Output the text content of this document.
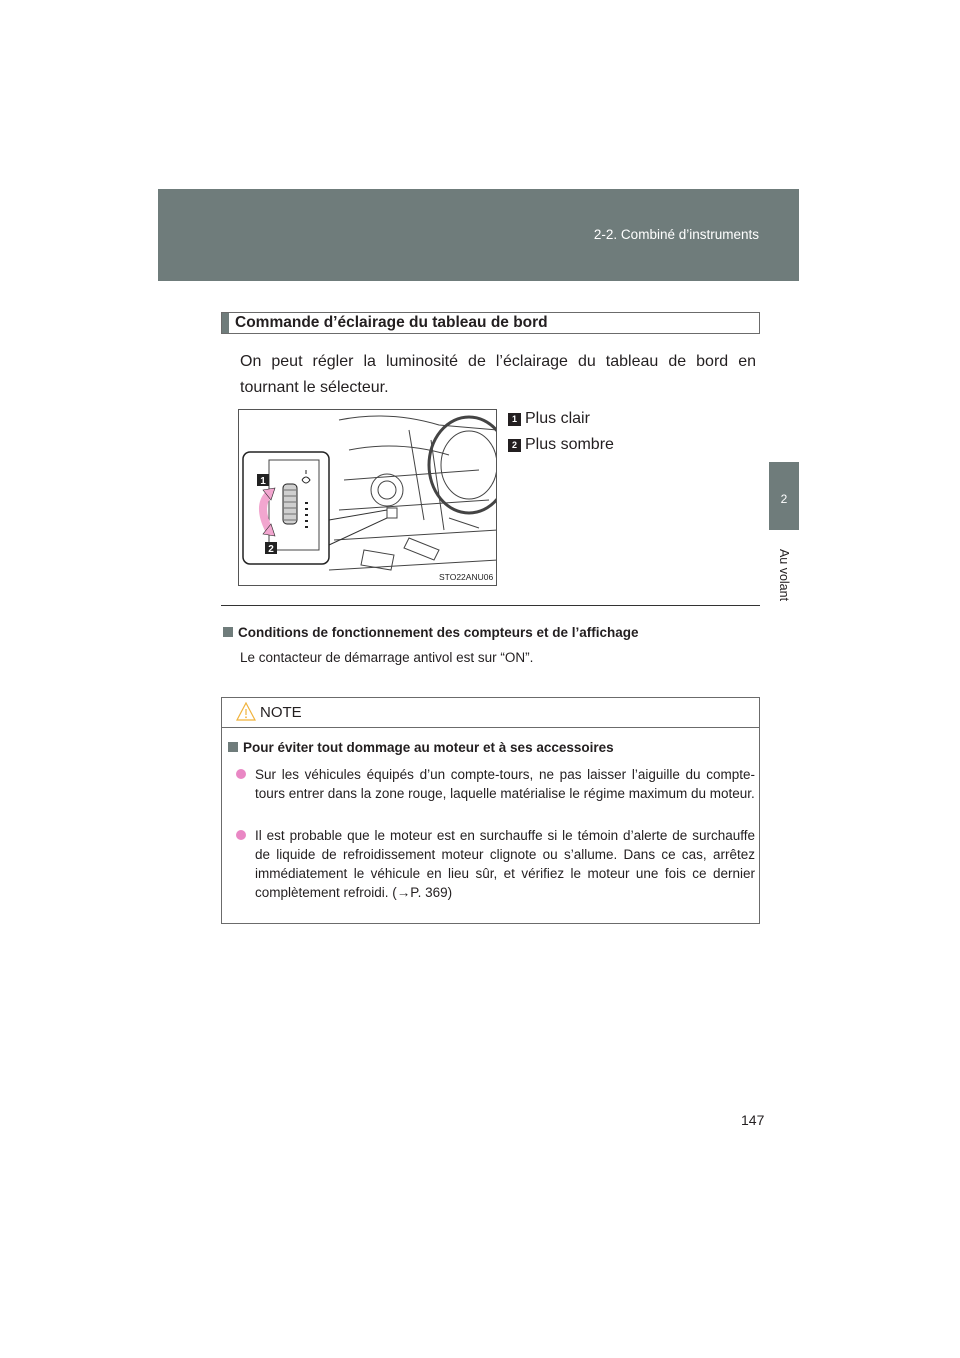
2-2. Combiné d’instruments
2
Au volant
Commande d’éclairage du tableau de bord
On peut régler la luminosité de l’éclairage du tableau de bord en tournant le sélecteur.
1 Plus clair
2 Plus sombre
1
2
STO22ANU06
Conditions de fonctionnement des compteurs et de l’affichage
Le contacteur de démarrage antivol est sur “ON”.
NOTE
Pour éviter tout dommage au moteur et à ses accessoires
Sur les véhicules équipés d’un compte-tours, ne pas laisser l’aiguille du compte-tours entrer dans la zone rouge, laquelle matérialise le régime maximum du moteur.
Il est probable que le moteur est en surchauffe si le témoin d’alerte de surchauffe de liquide de refroidissement moteur clignote ou s’allume. Dans ce cas, arrêtez immédiatement le véhicule en lieu sûr, et vérifiez le moteur une fois ce dernier complètement refroidi. (→P. 369)
147
